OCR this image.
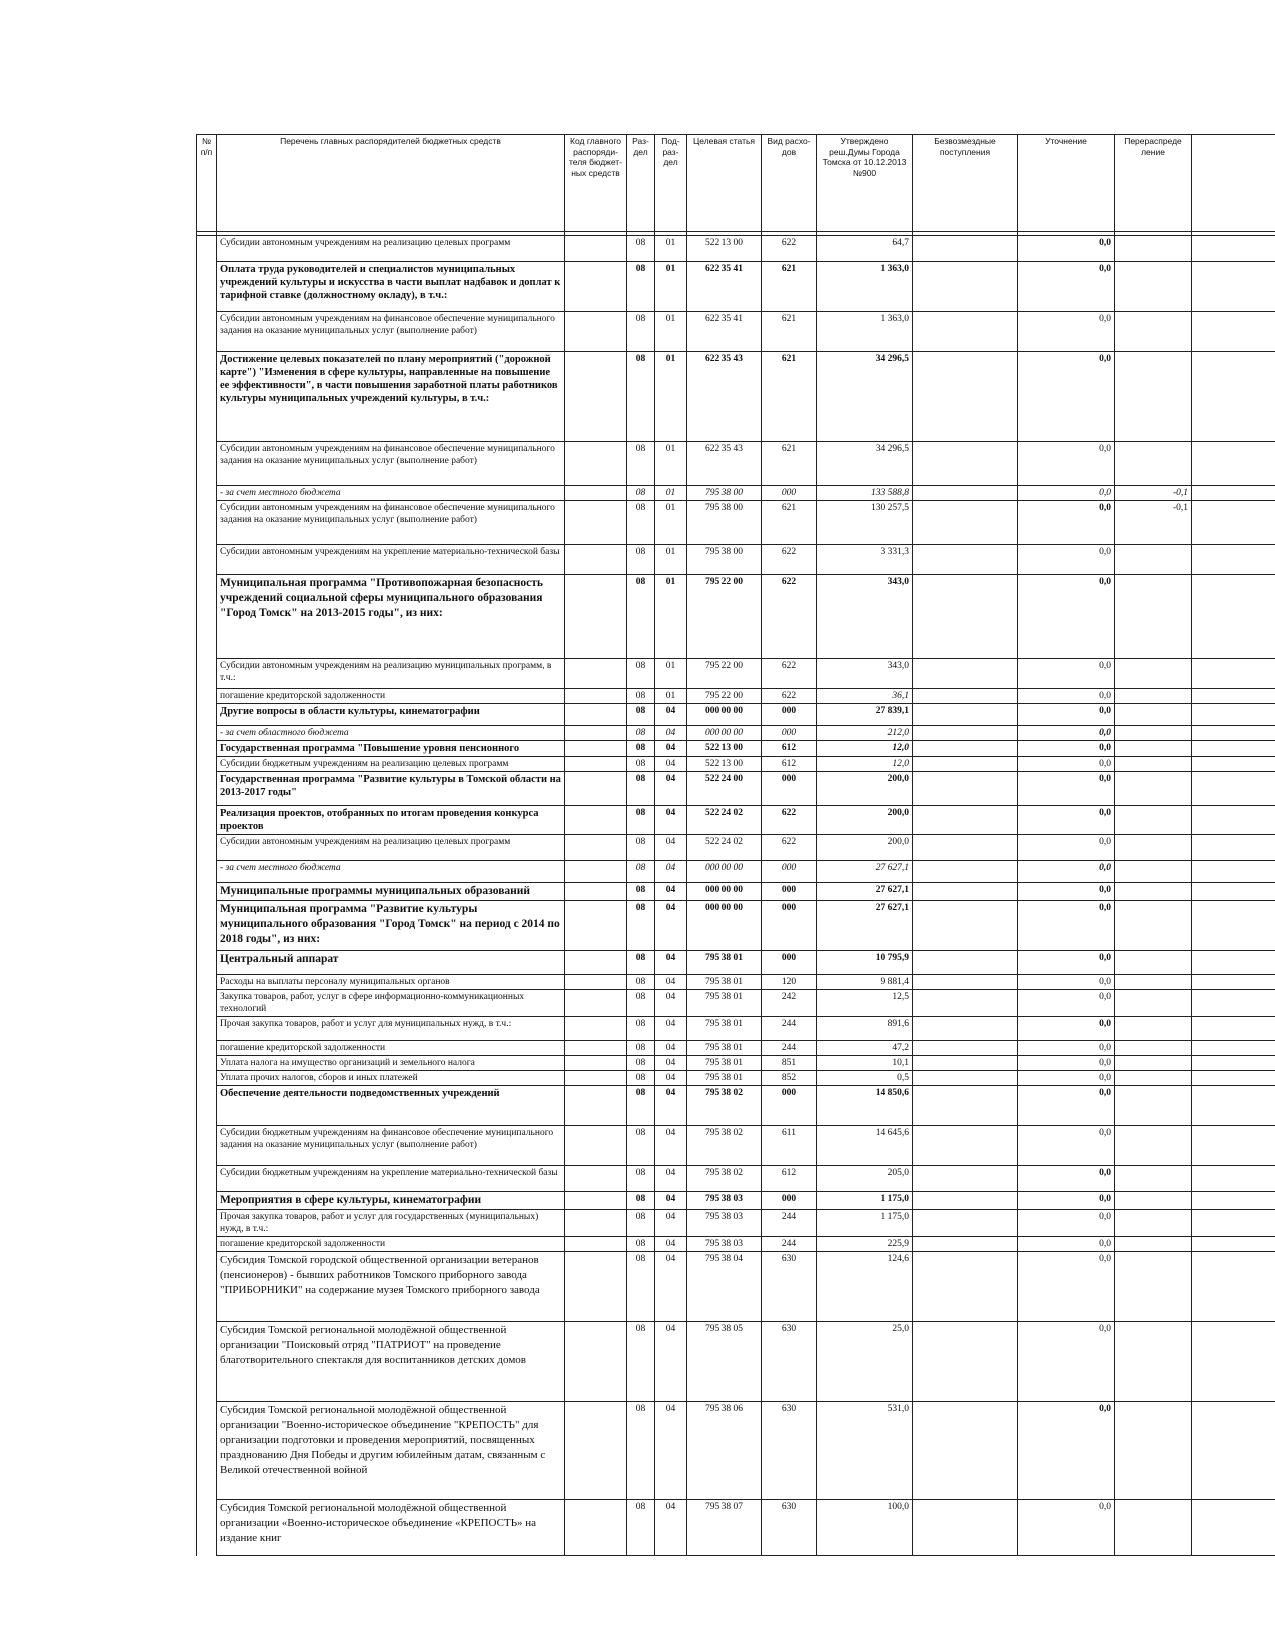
№ п/п	Перечень главных распорядителей бюджетных средств	Код главного распоряди- теля бюджет- ных средств	Раз- дел	Под- раз- дел	Целевая статья	Вид расхо- дов	Утверждено реш.Думы Города Томска от 10.12.2013 №900	Безвозмездные поступления	Уточнение	Перераспреде ление	

	Субсидии автономным учреждениям на реализацию целевых программ		08	01	522 13 00	622	64,7		0,0		
	Оплата труда руководителей и специалистов муниципальных учреждений культуры и искусства в части выплат надбавок и доплат к тарифной ставке (должностному окладу), в т.ч.:		08	01	622 35 41	621	1 363,0		0,0		
	Субсидии автономным учреждениям на финансовое обеспечение муниципального задания на оказание муниципальных услуг (выполнение работ)		08	01	622 35 41	621	1 363,0		0,0		
	Достижение целевых показателей по плану мероприятий ("дорожной карте") "Изменения в сфере культуры, направленные на повышение ее эффективности", в части повышения заработной платы работников культуры муниципальных учреждений культуры, в т.ч.:		08	01	622 35 43	621	34 296,5		0,0		
	Субсидии автономным учреждениям на финансовое обеспечение муниципального задания на оказание муниципальных услуг (выполнение работ)		08	01	622 35 43	621	34 296,5		0,0		
	- за счет местного бюджета		08	01	795 38 00	000	133 588,8		0,0	-0,1	
	Субсидии автономным учреждениям на финансовое обеспечение муниципального задания на оказание муниципальных услуг (выполнение работ)		08	01	795 38 00	621	130 257,5		0,0	-0,1	
	Субсидии автономным учреждениям на укрепление материально-технической базы		08	01	795 38 00	622	3 331,3		0,0		
	Муниципальная программа "Противопожарная безопасность учреждений социальной сферы муниципального образования "Город Томск" на 2013-2015 годы", из них:		08	01	795 22 00	622	343,0		0,0		
	Субсидии автономным учреждениям на реализацию муниципальных программ, в т.ч.:		08	01	795 22 00	622	343,0		0,0		
	погашение кредиторской задолженности		08	01	795 22 00	622	36,1		0,0		
	Другие вопросы в области культуры, кинематографии		08	04	000 00 00	000	27 839,1		0,0		
	- за счет областного бюджета		08	04	000 00 00	000	212,0		0,0		
	Государственная программа "Повышение уровня пенсионного		08	04	522 13 00	612	12,0		0,0		
	Субсидии бюджетным учреждениям на реализацию целевых программ		08	04	522 13 00	612	12,0		0,0		
	Государственная программа "Развитие культуры в Томской области на 2013-2017 годы"		08	04	522 24 00	000	200,0		0,0		
	Реализация проектов, отобранных по итогам проведения конкурса проектов		08	04	522 24 02	622	200,0		0,0		
	Субсидии автономным учреждениям на реализацию целевых программ		08	04	522 24 02	622	200,0		0,0		
	- за счет местного бюджета		08	04	000 00 00	000	27 627,1		0,0		
	Муниципальные программы муниципальных образований		08	04	000 00 00	000	27 627,1		0,0		
	Муниципальная программа "Развитие культуры муниципального образования "Город Томск" на период с 2014 по 2018 годы", из них:		08	04	000 00 00	000	27 627,1		0,0		
	Центральный аппарат		08	04	795 38 01	000	10 795,9		0,0		
	Расходы на выплаты персоналу муниципальных органов		08	04	795 38 01	120	9 881,4		0,0		
	Закупка товаров, работ, услуг в сфере информационно-коммуникационных технологий		08	04	795 38 01	242	12,5		0,0		
	Прочая закупка товаров, работ и услуг для муниципальных нужд, в т.ч.:		08	04	795 38 01	244	891,6		0,0		
	погашение кредиторской задолженности		08	04	795 38 01	244	47,2		0,0		
	Уплата налога на имущество организаций и земельного налога		08	04	795 38 01	851	10,1		0,0		
	Уплата прочих налогов, сборов и иных платежей		08	04	795 38 01	852	0,5		0,0		
	Обеспечение деятельности подведомственных учреждений		08	04	795 38 02	000	14 850,6		0,0		
	Субсидии бюджетным учреждениям на финансовое обеспечение муниципального задания на оказание муниципальных услуг (выполнение работ)		08	04	795 38 02	611	14 645,6		0,0		
	Субсидии бюджетным учреждениям на укрепление материально-технической базы		08	04	795 38 02	612	205,0		0,0		
	Мероприятия в сфере культуры, кинематографии		08	04	795 38 03	000	1 175,0		0,0		
	Прочая закупка товаров, работ и услуг для государственных (муниципальных) нужд, в т.ч.:		08	04	795 38 03	244	1 175,0		0,0		
	погашение кредиторской задолженности		08	04	795 38 03	244	225,9		0,0		
	Субсидия Томской городской общественной организации ветеранов (пенсионеров) - бывших работников Томского приборного завода "ПРИБОРНИКИ" на содержание музея Томского приборного завода		08	04	795 38 04	630	124,6		0,0		
	Субсидия Томской региональной молодёжной общественной организации "Поисковый отряд "ПАТРИОТ" на проведение благотворительного спектакля для воспитанников детских домов		08	04	795 38 05	630	25,0		0,0		
	Субсидия Томской региональной молодёжной общественной организации "Военно-историческое объединение "КРЕПОСТЬ" для организации подготовки и проведения мероприятий, посвященных празднованию Дня Победы и другим юбилейным датам, связанным с Великой отечественной войной		08	04	795 38 06	630	531,0		0,0		
	Субсидия Томской региональной молодёжной общественной организации «Военно-историческое объединение «КРЕПОСТЬ» на издание книг		08	04	795 38 07	630	100,0		0,0		
